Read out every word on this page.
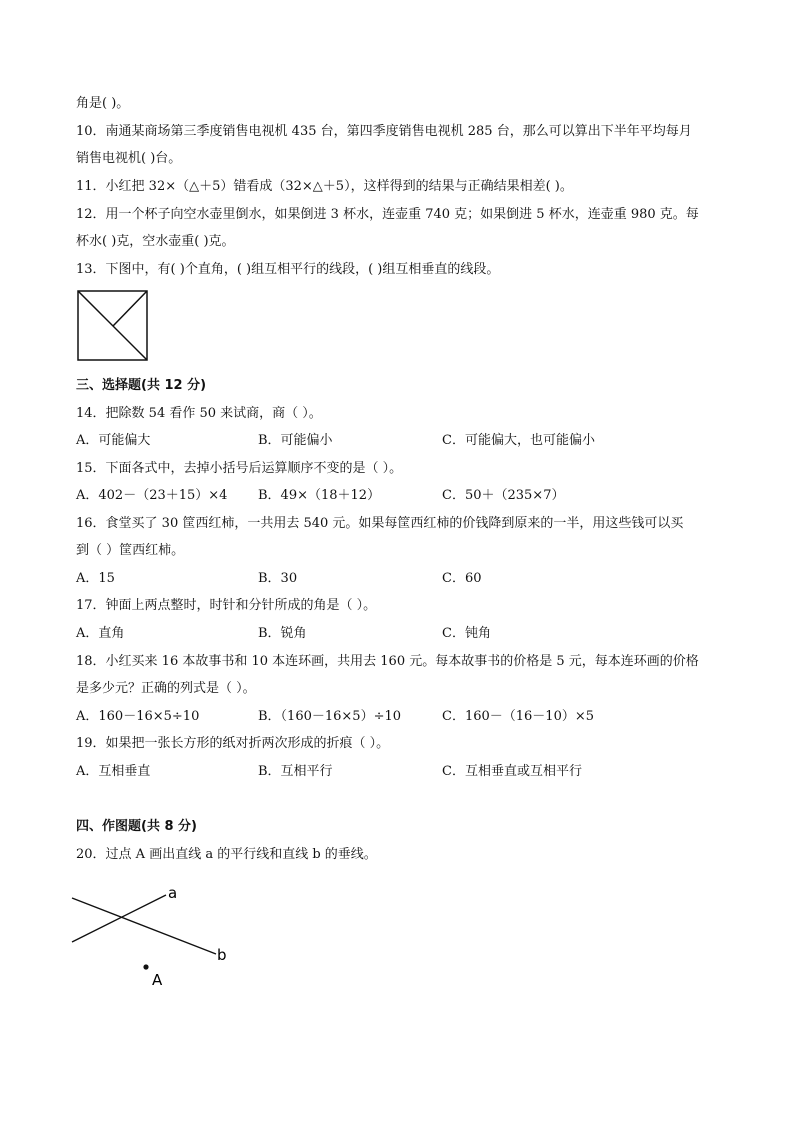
角是( )。
10．南通某商场第三季度销售电视机 435 台，第四季度销售电视机 285 台，那么可以算出下半年平均每月
销售电视机( )台。
11．小红把 32×（△＋5）错看成（32×△＋5），这样得到的结果与正确结果相差( )。
12．用一个杯子向空水壶里倒水，如果倒进 3 杯水，连壶重 740 克；如果倒进 5 杯水，连壶重 980 克。每
杯水( )克，空水壶重( )克。
13．下图中，有( )个直角，( )组互相平行的线段，( )组互相垂直的线段。
三、选择题(共 12 分)
14．把除数 54 看作 50 来试商，商（ ）。
A．可能偏大	B．可能偏小	C．可能偏大，也可能偏小
15．下面各式中，去掉小括号后运算顺序不变的是（ ）。
A．402－（23＋15）×4 B．49×（18＋12）	C．50＋（235×7）
16．食堂买了 30 筐西红柿，一共用去 540 元。如果每筐西红柿的价钱降到原来的一半，用这些钱可以买
到（ ）筐西红柿。
A．15	B．30	C．60
17．钟面上两点整时，时针和分针所成的角是（ ）。
A．直角	B．锐角	C．钝角
18．小红买来 16 本故事书和 10 本连环画，共用去 160 元。每本故事书的价格是 5 元，每本连环画的价格
是多少元？正确的列式是（ ）。
A．160－16×5÷10	B．（160－16×5）÷10	C．160－（16－10）×5
19．如果把一张长方形的纸对折两次形成的折痕（ ）。
A．互相垂直	B．互相平行	C．互相垂直或互相平行
四、作图题(共 8 分)
20．过点 A 画出直线 a 的平行线和直线 b 的垂线。
a
b
A
